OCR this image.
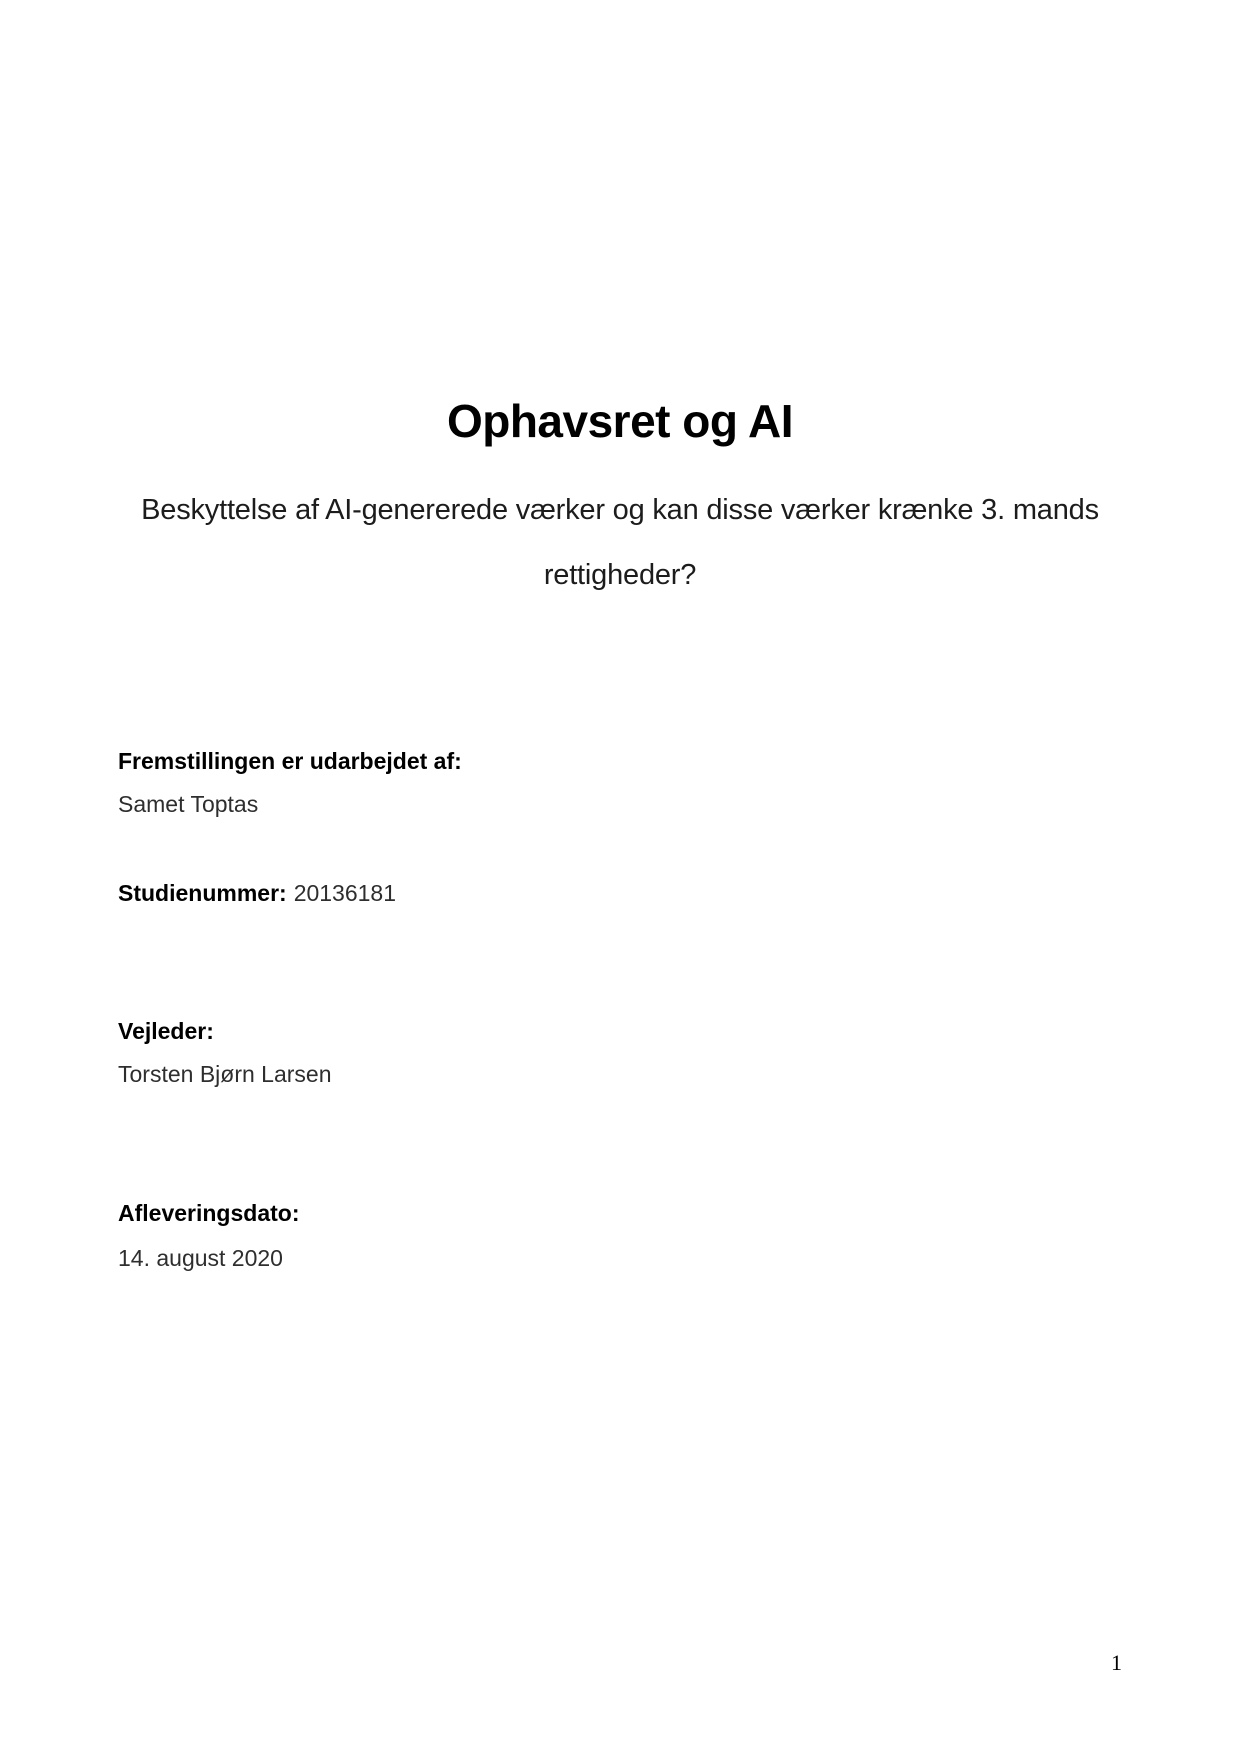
Ophavsret og AI
Beskyttelse af AI-genererede værker og kan disse værker krænke 3. mands
rettigheder?
Fremstillingen er udarbejdet af:
Samet Toptas
Studienummer: 20136181
Vejleder:
Torsten Bjørn Larsen
Afleveringsdato:
14. august 2020
1
